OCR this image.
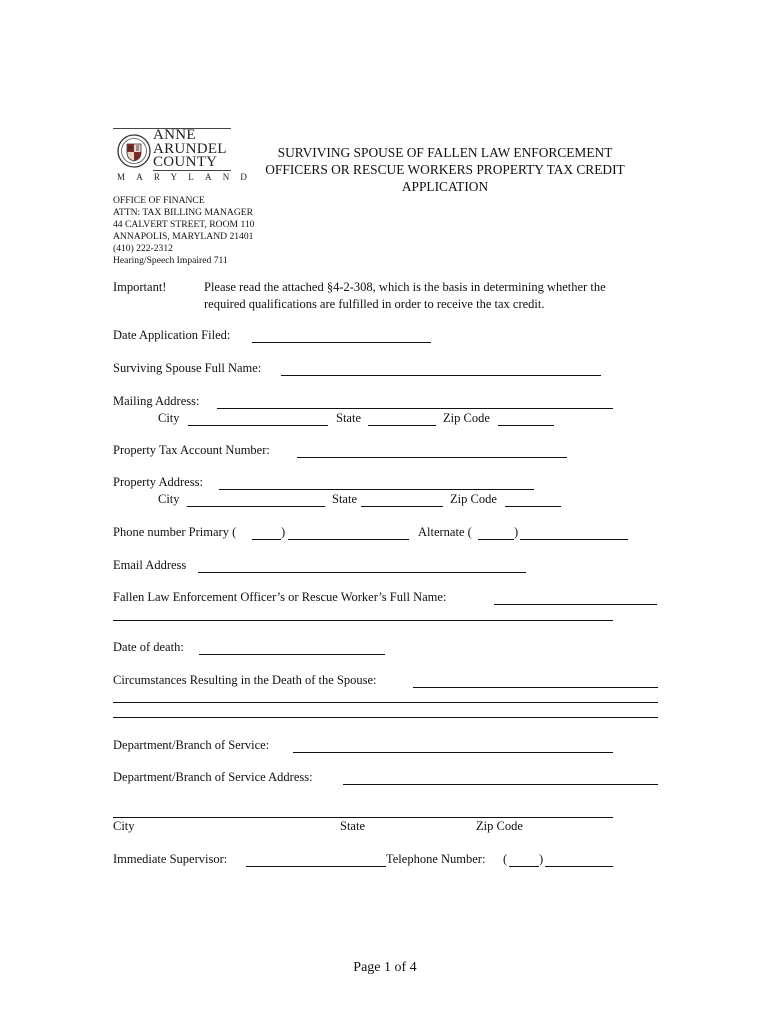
ANNE
ARUNDEL
COUNTY
MARYLAND
SURVIVING SPOUSE OF FALLEN LAW ENFORCEMENT
OFFICERS OR RESCUE WORKERS PROPERTY TAX CREDIT
APPLICATION
OFFICE OF FINANCE
ATTN: TAX BILLING MANAGER
44 CALVERT STREET, ROOM 110
ANNAPOLIS, MARYLAND 21401
(410) 222-2312
Hearing/Speech Impaired 711
Important!	Please read the attached §4-2-308, which is the basis in determining whether the
required qualifications are fulfilled in order to receive the tax credit.
Date Application Filed:
Surviving Spouse Full Name:
Mailing Address:
City	State	Zip Code
Property Tax Account Number:
Property Address:
City	State	Zip Code
Phone number Primary (	)	Alternate (	)
Email Address
Fallen Law Enforcement Officer’s or Rescue Worker’s Full Name:
Date of death:
Circumstances Resulting in the Death of the Spouse:
Department/Branch of Service:
Department/Branch of Service Address:
City	State	Zip Code
Immediate Supervisor:	Telephone Number: (	)
Page 1 of 4
